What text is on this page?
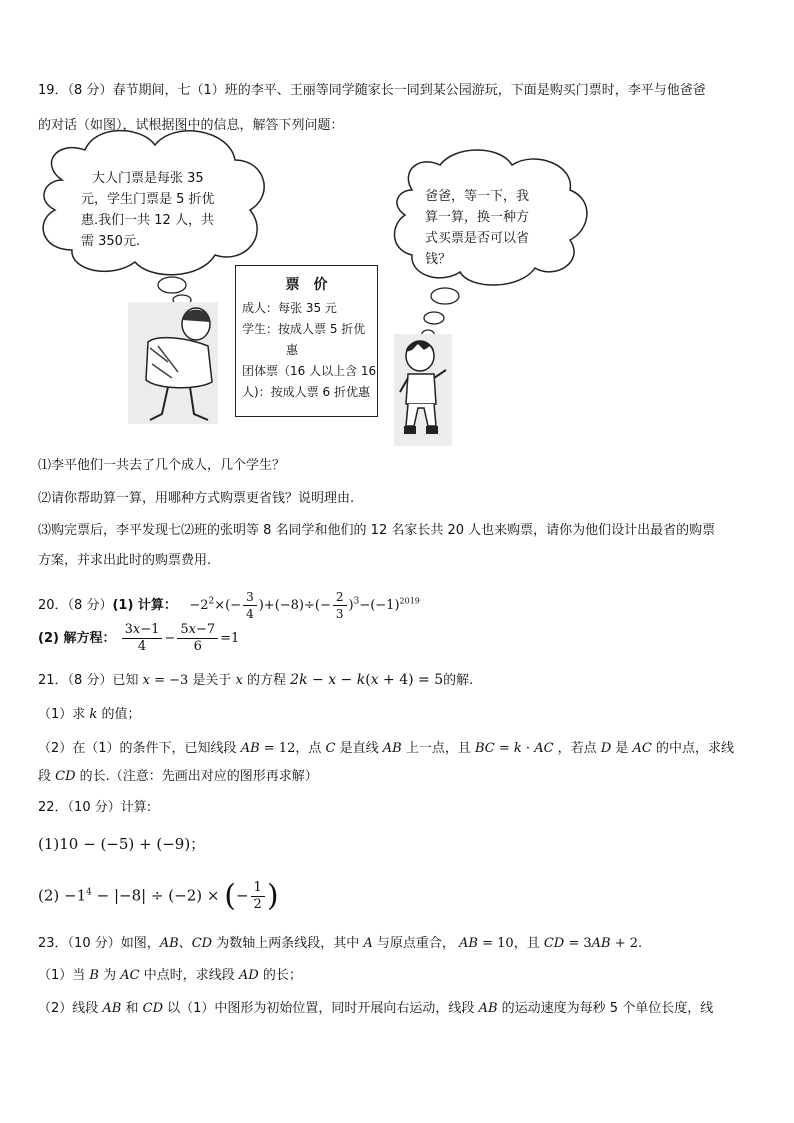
19．（8 分）春节期间，七（1）班的李平、王丽等同学随家长一同到某公园游玩，下面是购买门票时，李平与他爸爸
的对话（如图），试根据图中的信息，解答下列问题：
大人门票是每张 35
元，学生门票是 5 折优
惠.我们一共 12 人，共
需 350元.
爸爸，等一下，我
算一算，换一种方
式买票是否可以省
钱？
票价
成人：每张 35 元
学生：按成人票 5 折优
惠
团体票（16 人以上含 16
人)：按成人票 6 折优惠
⑴李平他们一共去了几个成人，几个学生？
⑵请你帮助算一算，用哪种方式购票更省钱？说明理由.
⑶购完票后，李平发现七⑵班的张明等 8 名同学和他们的 12 名家长共 20 人也来购票，请你为他们设计出最省的购票
方案，并求出此时的购票费用.
20．（8 分）(1) 计算：   $-2^2\times(- \frac{3}{4} )+(-8)\div(- \frac{2}{3} )^3-(-1)^{2019}$
(2) 解方程： $\frac{3x-1}{4} - \frac{5x-7}{6} =1$
21．（8 分）已知 x = −3 是关于 x 的方程 2k − x − k(x + 4) = 5的解.
（1）求 k 的值；
（2）在（1）的条件下，已知线段 AB = 12，点 C 是直线 AB 上一点，且 BC = k · AC ，若点 D 是 AC 的中点，求线
段 CD 的长.（注意：先画出对应的图形再求解）
22．（10 分）计算:
(1)10 − (−5) + (−9)；
$(2) -1^4 - |-8| \div (-2)$ × (− $\frac{1}{2}$ )
23．（10 分）如图，AB、CD 为数轴上两条线段，其中 A 与原点重合， AB = 10，且 CD = 3AB + 2.
（1）当 B 为 AC 中点时，求线段 AD 的长；
（2）线段 AB 和 CD 以（1）中图形为初始位置，同时开展向右运动，线段 AB 的运动速度为每秒 5 个单位长度，线
